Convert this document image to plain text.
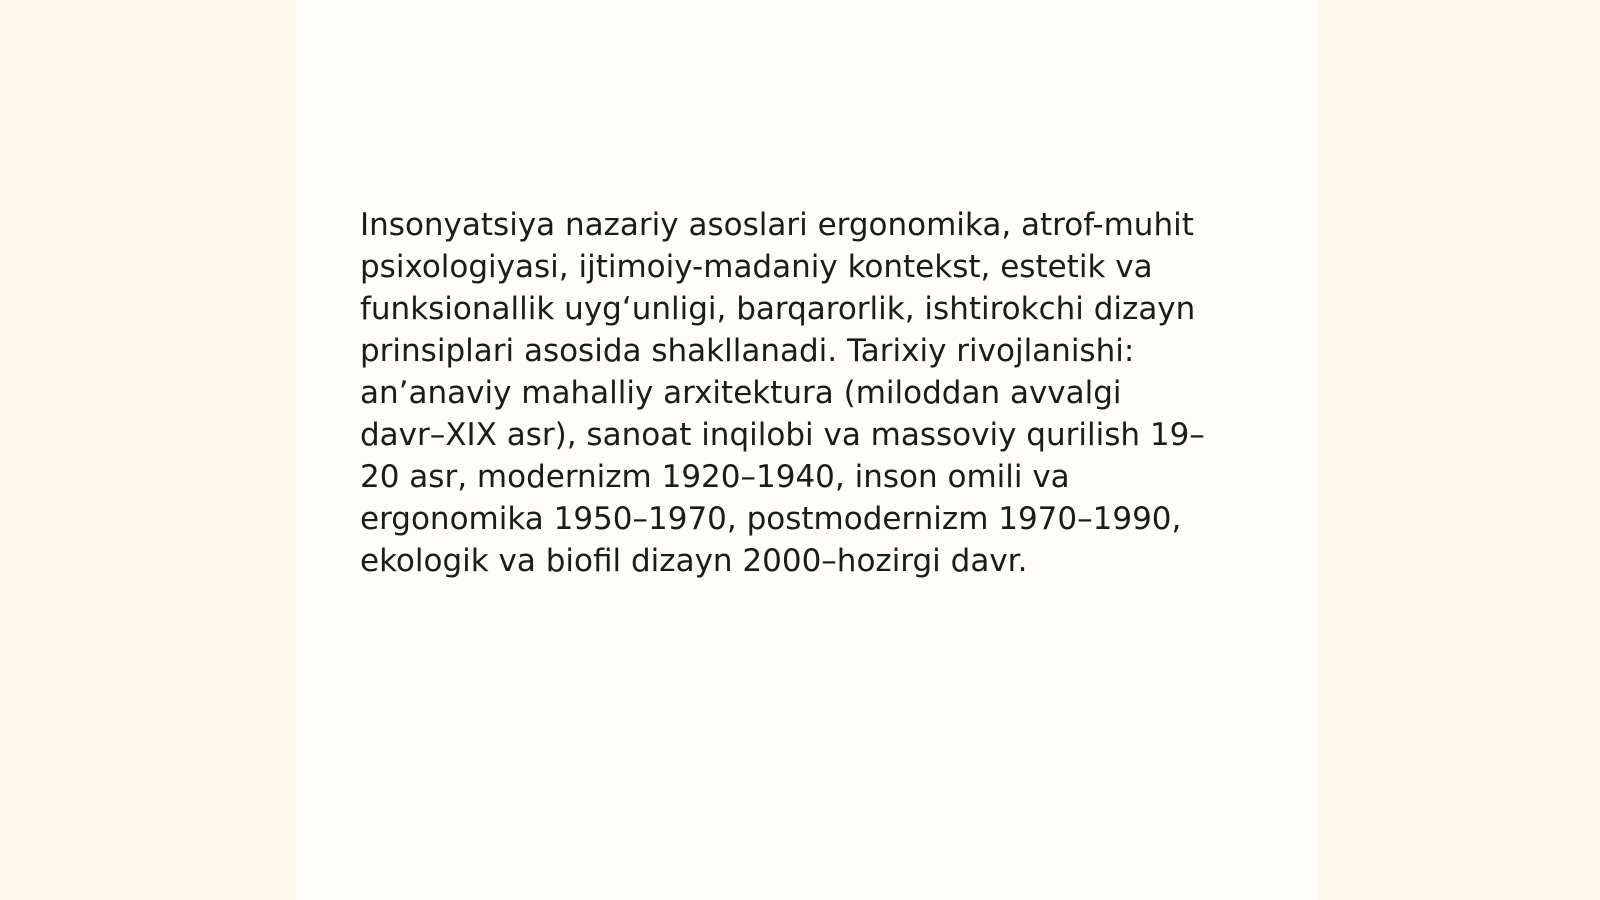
Insonyatsiya nazariy asoslari ergonomika, atrof-muhit
psixologiyasi, ijtimoiy-madaniy kontekst, estetik va
funksionallik uyg‘unligi, barqarorlik, ishtirokchi dizayn
prinsiplari asosida shakllanadi. Tarixiy rivojlanishi:
an’anaviy mahalliy arxitektura (miloddan avvalgi
davr–XIX asr), sanoat inqilobi va massoviy qurilish 19–
20 asr, modernizm 1920–1940, inson omili va
ergonomika 1950–1970, postmodernizm 1970–1990,
ekologik va biofil dizayn 2000–hozirgi davr.
